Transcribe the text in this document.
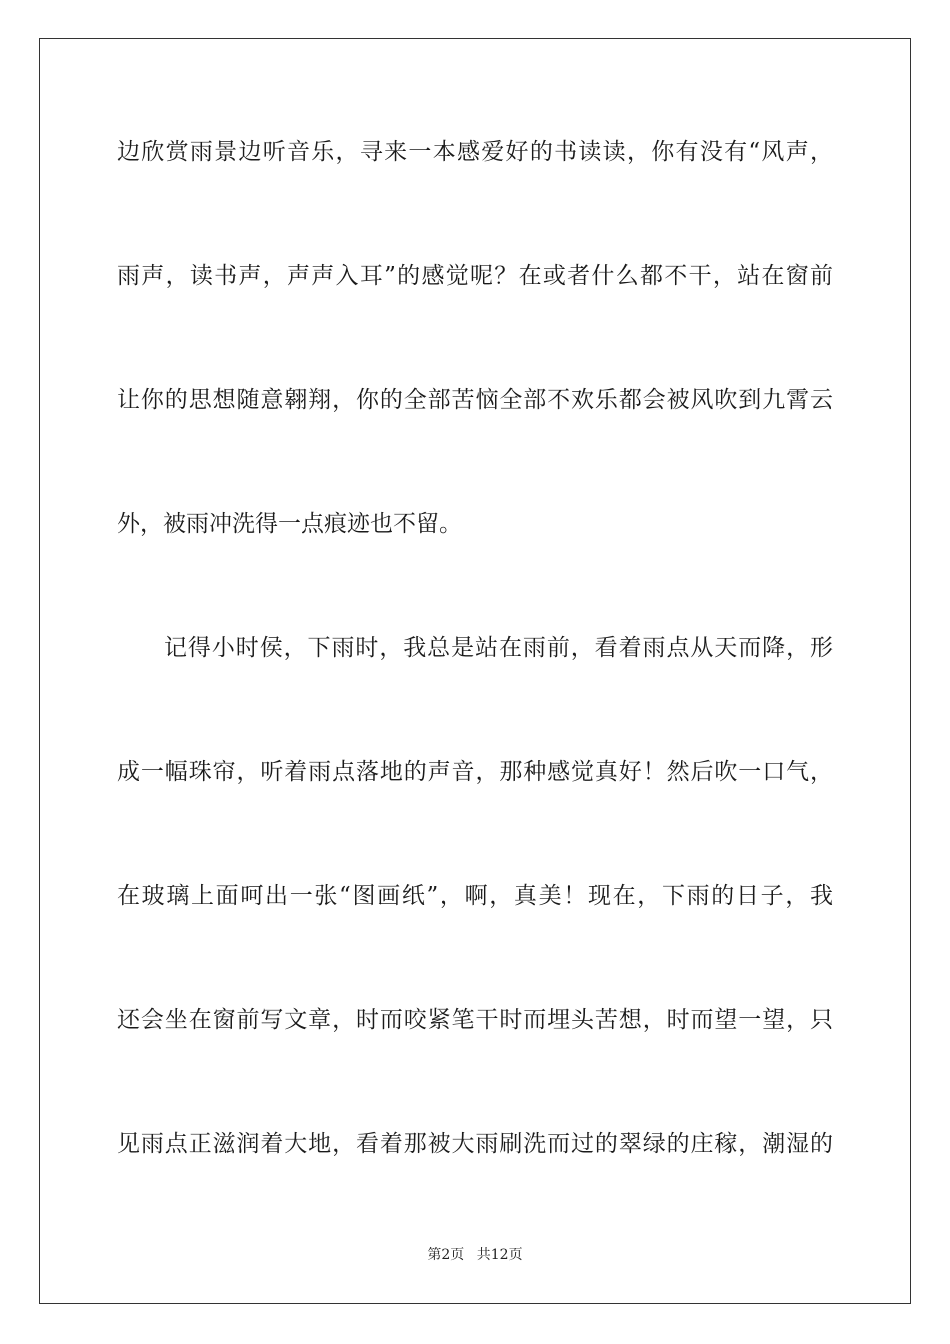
边欣赏雨景边听音乐，寻来一本感爱好的书读读，你有没有“风声，
雨声，读书声，声声入耳”的感觉呢？在或者什么都不干，站在窗前
让你的思想随意翱翔，你的全部苦恼全部不欢乐都会被风吹到九霄云
外，被雨冲洗得一点痕迹也不留。
记得小时侯，下雨时，我总是站在雨前，看着雨点从天而降，形
成一幅珠帘，听着雨点落地的声音，那种感觉真好！然后吹一口气，
在玻璃上面呵出一张“图画纸”，啊，真美！现在，下雨的日子，我
还会坐在窗前写文章，时而咬紧笔干时而埋头苦想，时而望一望，只
见雨点正滋润着大地，看着那被大雨刷洗而过的翠绿的庄稼，潮湿的
第2页 共12页
